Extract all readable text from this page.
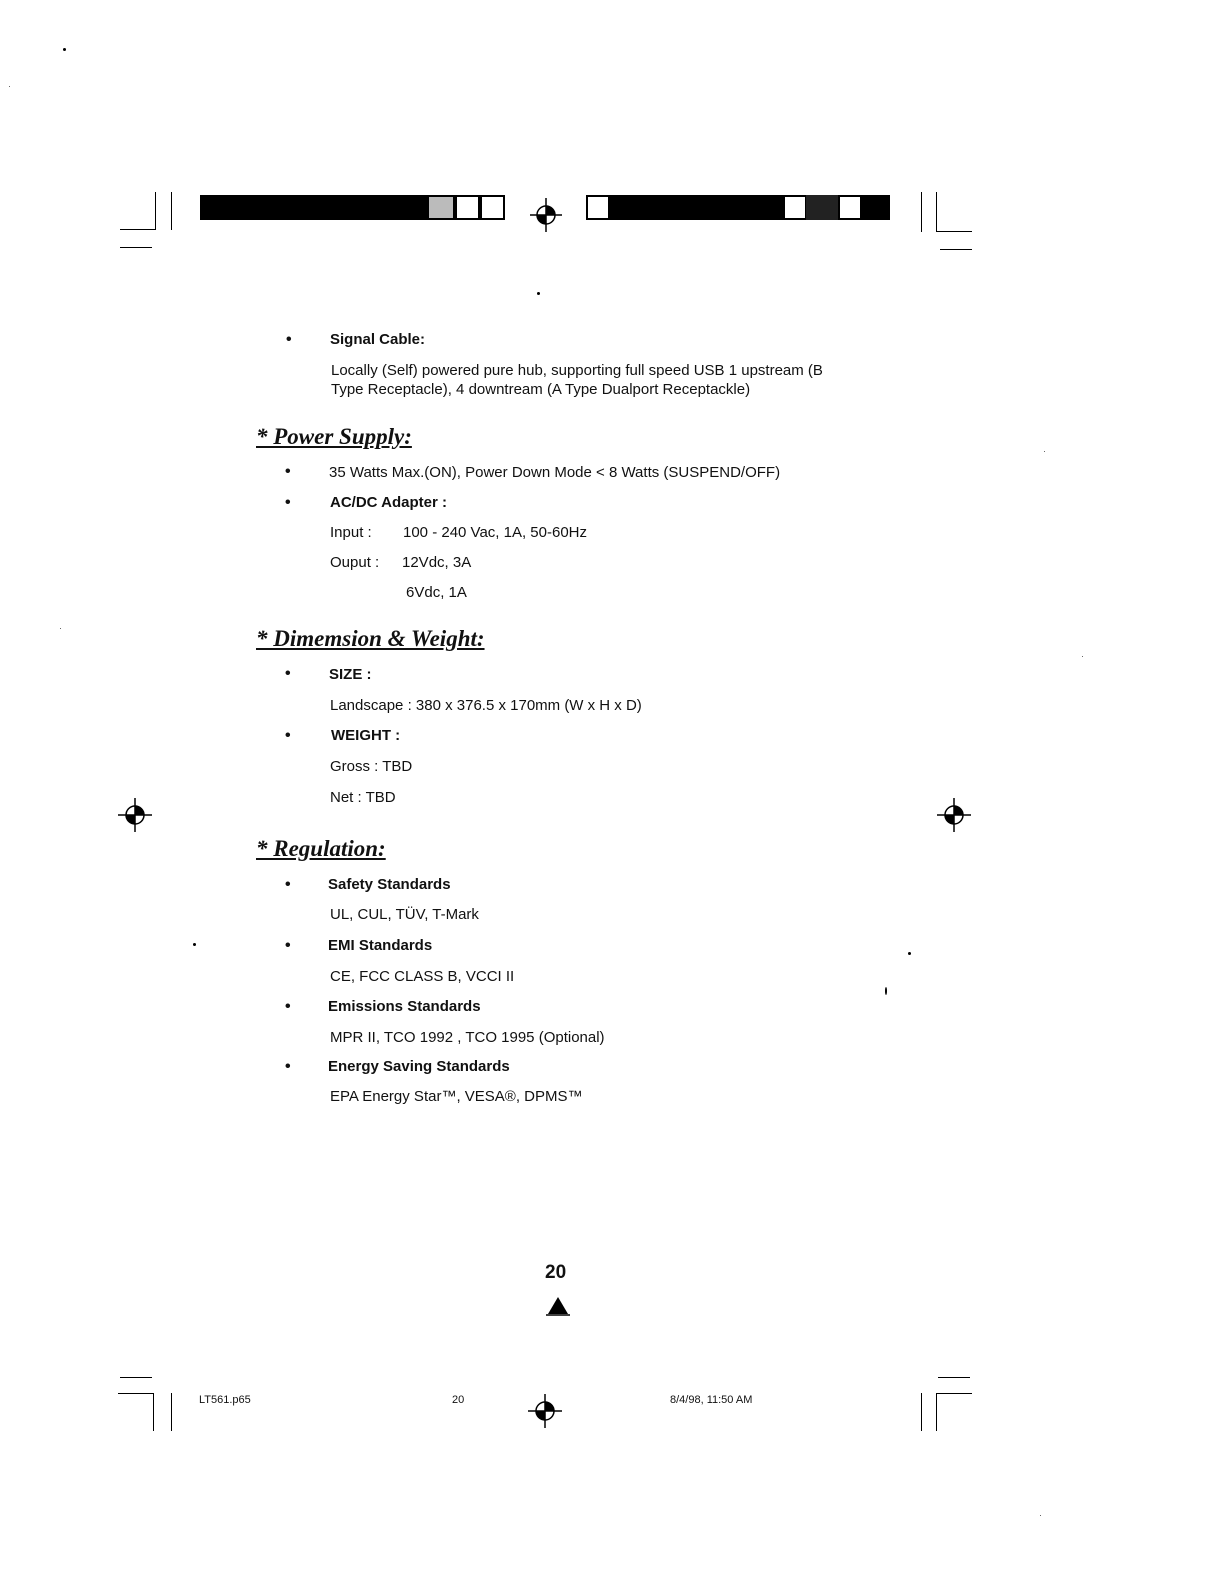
•	Signal Cable:
Locally (Self) powered pure hub, supporting full speed USB 1 upstream (B
Type Receptacle), 4 downtream (A Type Dualport Receptackle)
* Power Supply:
•	35 Watts Max.(ON), Power Down Mode < 8 Watts (SUSPEND/OFF)
•	AC/DC Adapter :
Input : 100 - 240 Vac, 1A, 50-60Hz
Ouput : 12Vdc, 3A
6Vdc, 1A
* Dimemsion & Weight:
•	SIZE :
Landscape : 380 x 376.5 x 170mm (W x H x D)
•	WEIGHT :
Gross : TBD
Net : TBD
* Regulation:
• Safety Standards
UL, CUL, TÜV, T-Mark
• EMI Standards
CE, FCC CLASS B, VCCI II
• Emissions Standards
MPR II, TCO 1992 , TCO 1995 (Optional)
• Energy Saving Standards
EPA Energy Star™, VESA®, DPMS™
20
LT561.p65	20	8/4/98, 11:50 AM
